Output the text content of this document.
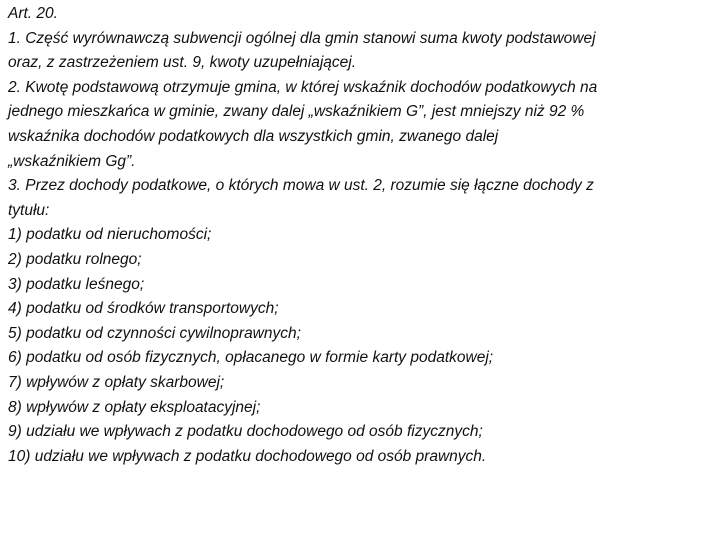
Art. 20.
1. Część wyrównawczą subwencji ogólnej dla gmin stanowi suma kwoty podstawowej
oraz, z zastrzeżeniem ust. 9, kwoty uzupełniającej.
2. Kwotę podstawową otrzymuje gmina, w której wskaźnik dochodów podatkowych na
jednego mieszkańca w gminie, zwany dalej „wskaźnikiem G”, jest mniejszy niż 92 %
wskaźnika dochodów podatkowych dla wszystkich gmin, zwanego dalej
„wskaźnikiem Gg”.
3. Przez dochody podatkowe, o których mowa w ust. 2, rozumie się łączne dochody z
tytułu:
1) podatku od nieruchomości;
2) podatku rolnego;
3) podatku leśnego;
4) podatku od środków transportowych;
5) podatku od czynności cywilnoprawnych;
6) podatku od osób fizycznych, opłacanego w formie karty podatkowej;
7) wpływów z opłaty skarbowej;
8) wpływów z opłaty eksploatacyjnej;
9) udziału we wpływach z podatku dochodowego od osób fizycznych;
10) udziału we wpływach z podatku dochodowego od osób prawnych.
